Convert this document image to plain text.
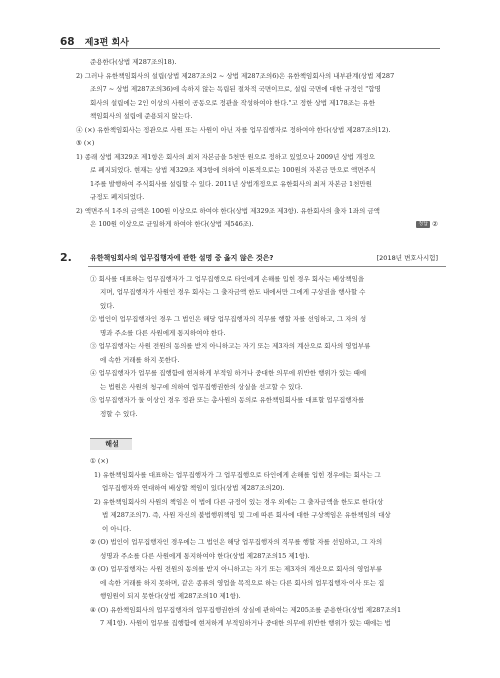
68 제3편 회사
준용한다(상법 제287조의18).
2) 그러나 유한책임회사의 설립(상법 제287조의2 ~ 상법 제287조의6)은 유한책임회사의 내부관계(상법 제287
조의7 ~ 상법 제287조의36)에 속하지 않는 독립된 절차적 국면이므로, 설립 국면에 대한 규정인 "합명
회사의 설립에는 2인 이상의 사원이 공동으로 정관을 작성하여야 한다."고 정한 상법 제178조는 유한
책임회사의 설립에 준용되지 않는다.
④ (×) 유한책임회사는 정관으로 사원 또는 사원이 아닌 자를 업무집행자로 정하여야 한다(상법 제287조의12).
⑤ (×)
1) 종래 상법 제329조 제1항은 회사의 최저 자본금을 5천만 원으로 정하고 있었으나 2009년 상법 개정으
로 폐지되었다. 현재는 상법 제329조 제3항에 의하여 이론적으로는 100원의 자본금 만으로 액면주식
1주를 발행하여 주식회사를 설립할 수 있다. 2011년 상법개정으로 유한회사의 최저 자본금 1천만원
규정도 폐지되었다.
2) 액면주식 1주의 금액은 100원 이상으로 하여야 한다(상법 제329조 제3항). 유한회사의 출자 1좌의 금액
은 100원 이상으로 균일하게 하여야 한다(상법 제546조).	정답 ②
2.	유한책임회사의 업무집행자에 관한 설명 중 옳지 않은 것은?	[2018년 변호사시험]
① 회사를 대표하는 업무집행자가 그 업무집행으로 타인에게 손해를 입힌 경우 회사는 배상책임을
지며, 업무집행자가 사원인 경우 회사는 그 출자금액 한도 내에서만 그에게 구상권을 행사할 수
있다.
② 법인이 업무집행자인 경우 그 법인은 해당 업무집행자의 직무를 행할 자를 선임하고, 그 자의 성
명과 주소를 다른 사원에게 통지하여야 한다.
③ 업무집행자는 사원 전원의 동의를 받지 아니하고는 자기 또는 제3자의 계산으로 회사의 영업부류
에 속한 거래를 하지 못한다.
④ 업무집행자가 업무를 집행함에 현저하게 부적임 하거나 중대한 의무에 위반한 행위가 있는 때에
는 법원은 사원의 청구에 의하여 업무집행권한의 상실을 선고할 수 있다.
⑤ 업무집행자가 둘 이상인 경우 정관 또는 총사원의 동의로 유한책임회사를 대표할 업무집행자를
정할 수 있다.
해설
① (×)
1) 유한책임회사를 대표하는 업무집행자가 그 업무집행으로 타인에게 손해를 입힌 경우에는 회사는 그
업무집행자와 연대하여 배상할 책임이 있다(상법 제287조의20).
2) 유한책임회사의 사원의 책임은 이 법에 다른 규정이 있는 경우 외에는 그 출자금액을 한도로 한다(상
법 제287조의7). 즉, 사원 자신의 불법행위책임 및 그에 따른 회사에 대한 구상책임은 유한책임의 대상
이 아니다.
② (O) 법인이 업무집행자인 경우에는 그 법인은 해당 업무집행자의 직무를 행할 자를 선임하고, 그 자의
성명과 주소를 다른 사원에게 통지하여야 한다(상법 제287조의15 제1항).
③ (O) 업무집행자는 사원 전원의 동의를 받지 아니하고는 자기 또는 제3자의 계산으로 회사의 영업부류
에 속한 거래를 하지 못하며, 같은 종류의 영업을 목적으로 하는 다른 회사의 업무집행자·이사 또는 집
행임원이 되지 못한다(상법 제287조의10 제1항).
④ (O) 유한책임회사의 업무집행자의 업무집행권한의 상실에 관하여는 제205조를 준용한다(상법 제287조의1
7 제1항). 사원이 업무를 집행함에 현저하게 부적임하거나 중대한 의무에 위반한 행위가 있는 때에는 법
